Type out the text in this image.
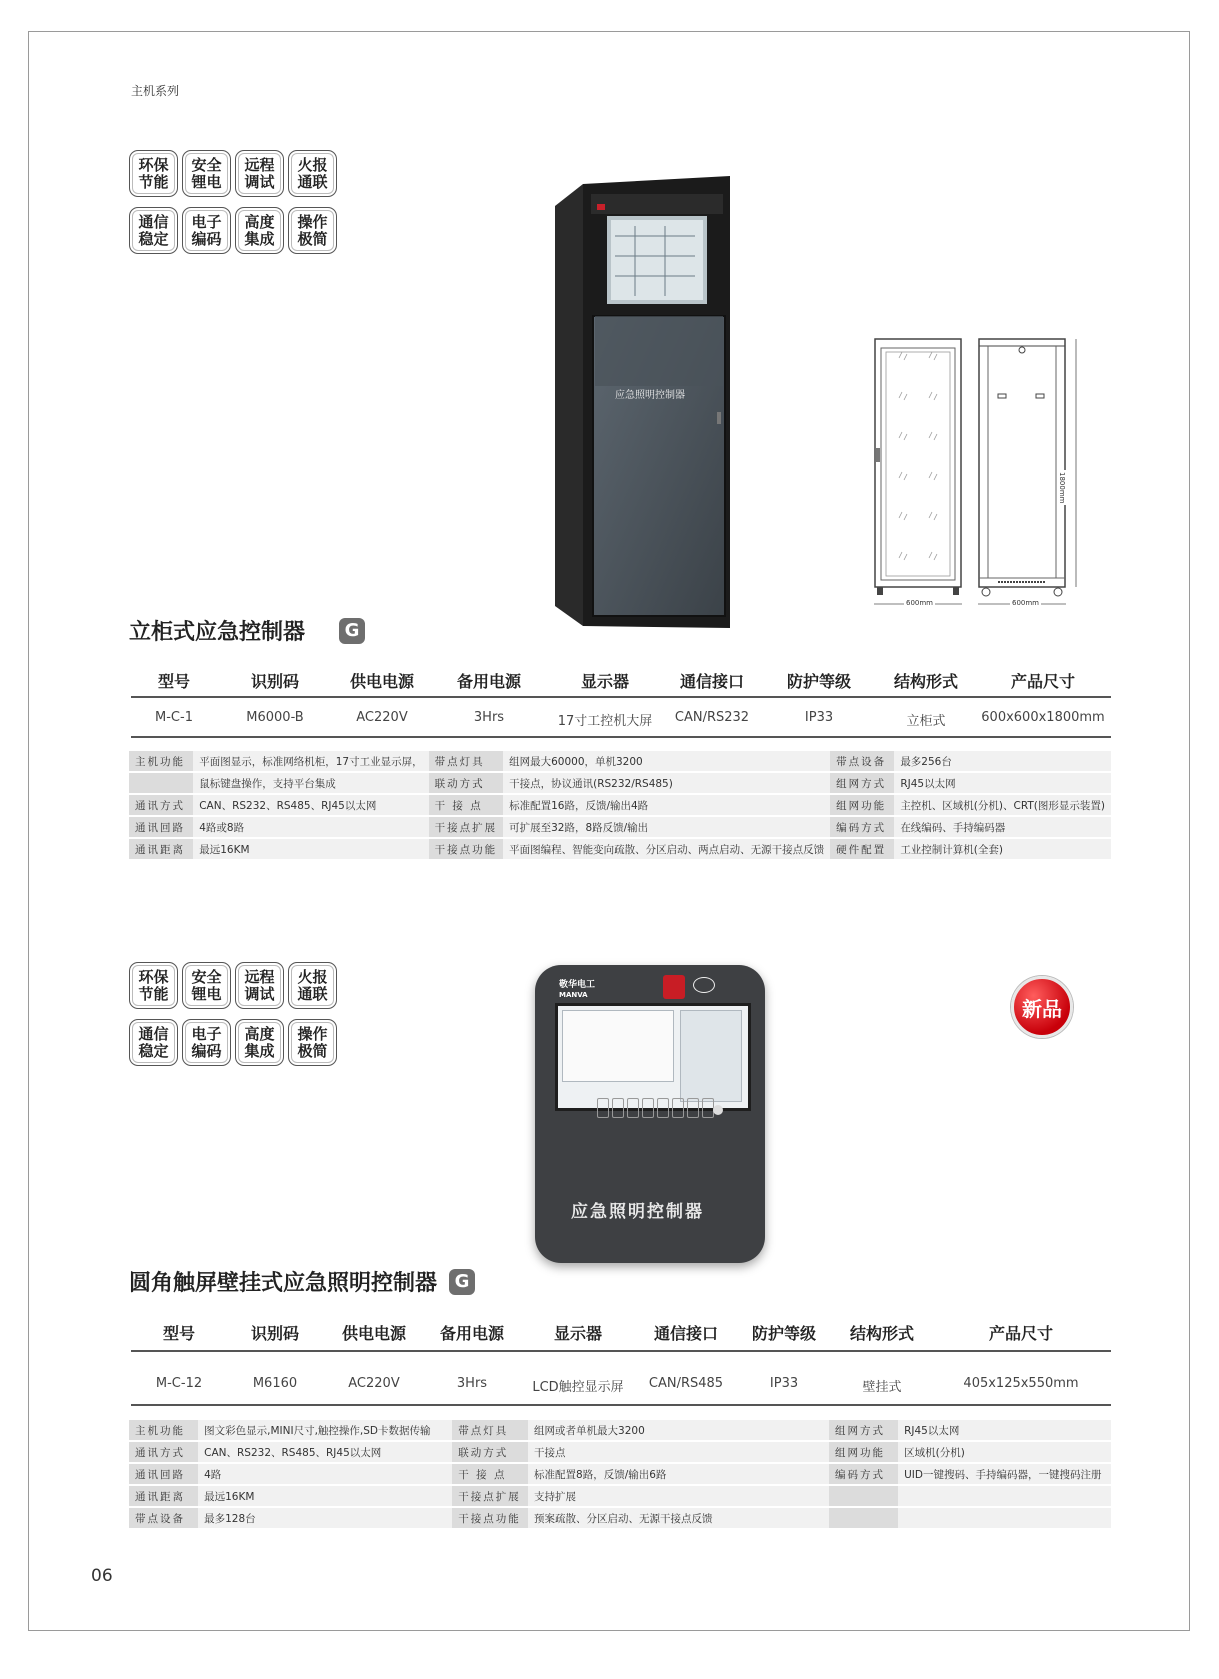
主机系列
环保
节能
安全
锂电
远程
调试
火报
通联
通信
稳定
电子
编码
高度
集成
操作
极简
应急照明控制器
600mm	600mm
1800mm
立柜式应急控制器	G
型号	识别码	供电电源	备用电源	显示器	通信接口	防护等级	结构形式	产品尺寸
M-C-1	M6000-B	AC220V	3Hrs	17寸工控机大屏	CAN/RS232	IP33	立柜式	600x600x1800mm
主机功能	平面图显示，标准网络机柜，17寸工业显示屏，	带点灯具	组网最大60000，单机3200	带点设备	最多256台
	鼠标键盘操作，支持平台集成	联动方式	干接点，协议通讯(RS232/RS485)	组网方式	RJ45以太网
通讯方式	CAN、RS232、RS485、RJ45以太网	干 接 点	标准配置16路，反馈/输出4路	组网功能	主控机、区域机(分机)、CRT(图形显示装置)
通讯回路	4路或8路	干接点扩展	可扩展至32路，8路反馈/输出	编码方式	在线编码、手持编码器
通讯距离	最远16KM	干接点功能	平面图编程、智能变向疏散、分区启动、两点启动、无源干接点反馈	硬件配置	工业控制计算机(全套)
环保
节能
安全
锂电
远程
调试
火报
通联
通信
稳定
电子
编码
高度
集成
操作
极简
敬华电工
MANVA
应急照明控制器
新品
圆角触屏壁挂式应急照明控制器 G
型号	识别码	供电电源	备用电源	显示器	通信接口	防护等级	结构形式	产品尺寸
M-C-12	M6160	AC220V	3Hrs	LCD触控显示屏	CAN/RS485	IP33	壁挂式	405x125x550mm
主机功能	图文彩色显示,MINI尺寸,触控操作,SD卡数据传输	带点灯具	组网或者单机最大3200	组网方式	RJ45以太网
通讯方式	CAN、RS232、RS485、RJ45以太网	联动方式	干接点	组网功能	区域机(分机)
通讯回路	4路	干 接 点	标准配置8路，反馈/输出6路	编码方式	UID一键搜码、手持编码器，一键搜码注册
通讯距离	最远16KM	干接点扩展	支持扩展		
带点设备	最多128台	干接点功能	预案疏散、分区启动、无源干接点反馈		
06
